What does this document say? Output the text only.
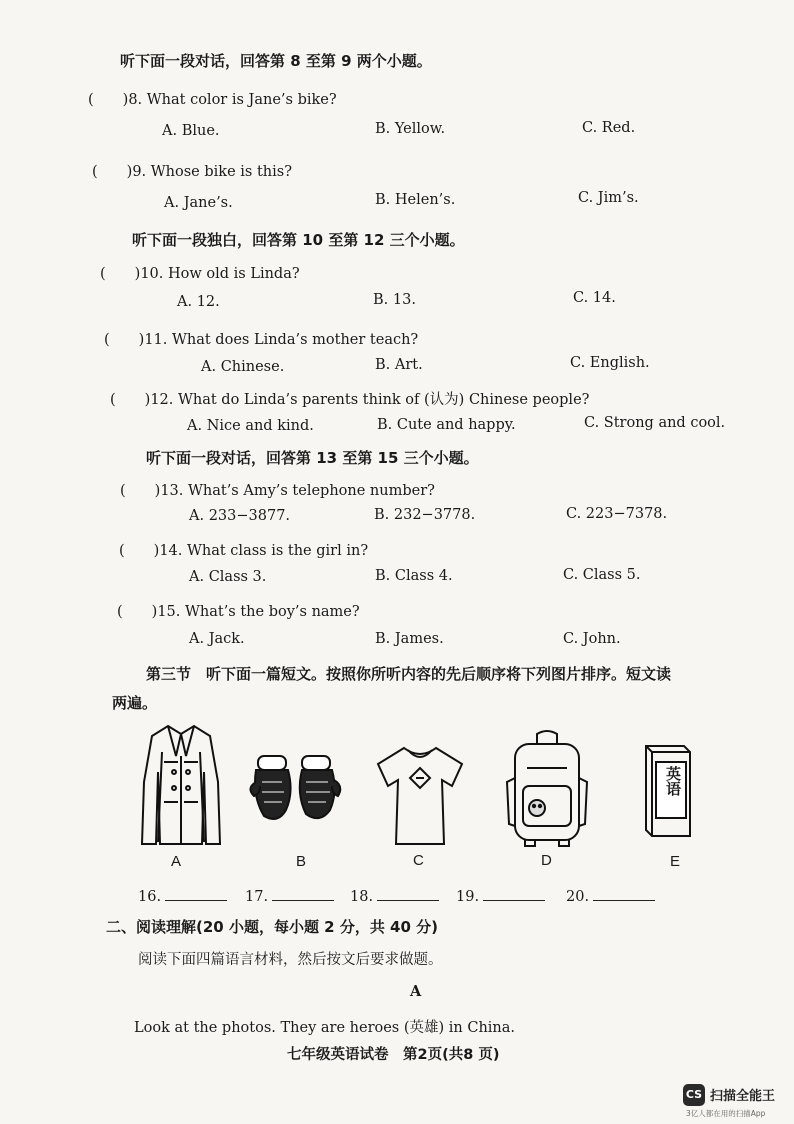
听下面一段对话，回答第 8 至第 9 两个小题。
(　　)8. What color is Jane’s bike?
A. Blue.	B. Yellow.	C. Red.
(　　)9. Whose bike is this?
A. Jane’s.	B. Helen’s.	C. Jim’s.
听下面一段独白，回答第 10 至第 12 三个小题。
(　　)10. How old is Linda?
A. 12.	B. 13.	C. 14.
(　　)11. What does Linda’s mother teach?
A. Chinese.	B. Art.	C. English.
(　　)12. What do Linda’s parents think of (认为) Chinese people?
A. Nice and kind.	B. Cute and happy.	C. Strong and cool.
听下面一段对话，回答第 13 至第 15 三个小题。
(　　)13. What’s Amy’s telephone number?
A. 233−3877.	B. 232−3778.	C. 223−7378.
(　　)14. What class is the girl in?
A. Class 3.	B. Class 4.	C. Class 5.
(　　)15. What’s the boy’s name?
A. Jack.	B. James.	C. John.
第三节　听下面一篇短文。按照你所听内容的先后顺序将下列图片排序。短文读
两遍。
A	B	C	D
英语
E
16.	17.	18.	19.	20.
二、阅读理解(20 小题，每小题 2 分，共 40 分)
阅读下面四篇语言材料，然后按文后要求做题。
A
Look at the photos. They are heroes (英雄) in China.
七年级英语试卷　第2页(共8 页)
CS 扫描全能王
3亿人都在用的扫描App
